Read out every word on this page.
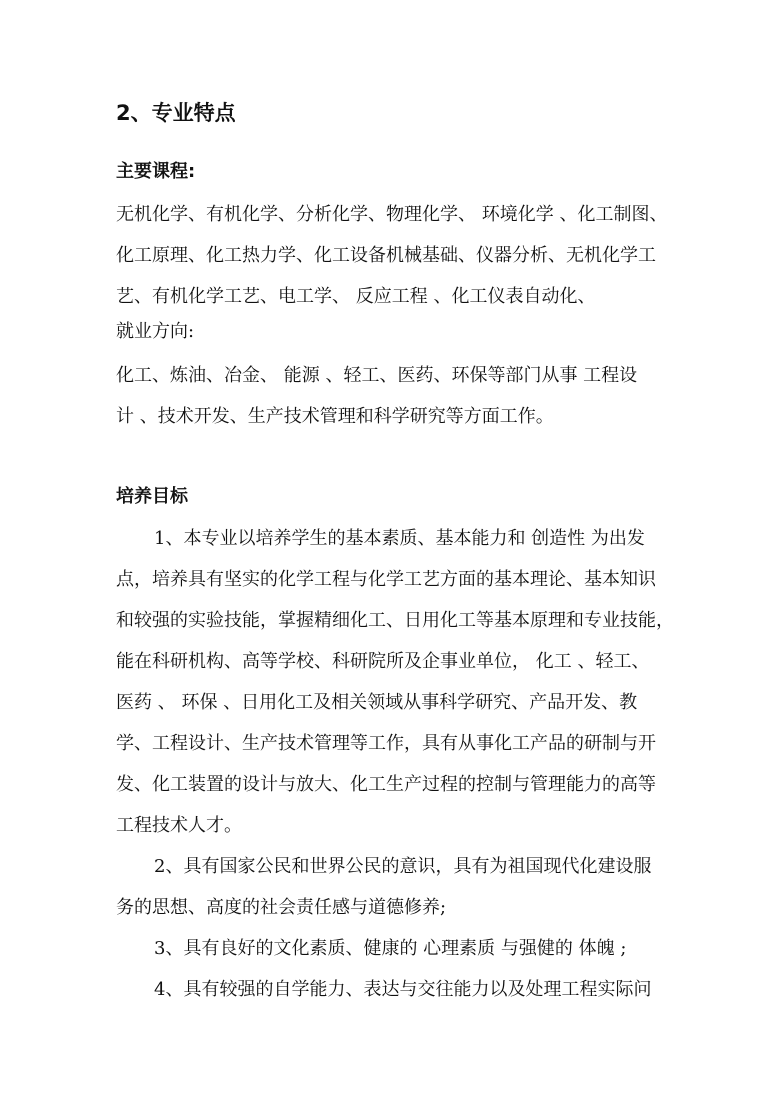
2、专业特点
主要课程:
无机化学、有机化学、分析化学、物理化学、 环境化学 、化工制图、
化工原理、化工热力学、化工设备机械基础、仪器分析、无机化学工
艺、有机化学工艺、电工学、 反应工程 、化工仪表自动化、
就业方向:
化工、炼油、冶金、 能源 、轻工、医药、环保等部门从事 工程设
计 、技术开发、生产技术管理和科学研究等方面工作。
培养目标
1、本专业以培养学生的基本素质、基本能力和 创造性 为出发
点，培养具有坚实的化学工程与化学工艺方面的基本理论、基本知识
和较强的实验技能，掌握精细化工、日用化工等基本原理和专业技能，
能在科研机构、高等学校、科研院所及企事业单位， 化工 、轻工、
医药 、 环保 、日用化工及相关领域从事科学研究、产品开发、教
学、工程设计、生产技术管理等工作，具有从事化工产品的研制与开
发、化工装置的设计与放大、化工生产过程的控制与管理能力的高等
工程技术人才。
2、具有国家公民和世界公民的意识，具有为祖国现代化建设服
务的思想、高度的社会责任感与道德修养;
3、具有良好的文化素质、健康的 心理素质 与强健的 体魄 ;
4、具有较强的自学能力、表达与交往能力以及处理工程实际问
